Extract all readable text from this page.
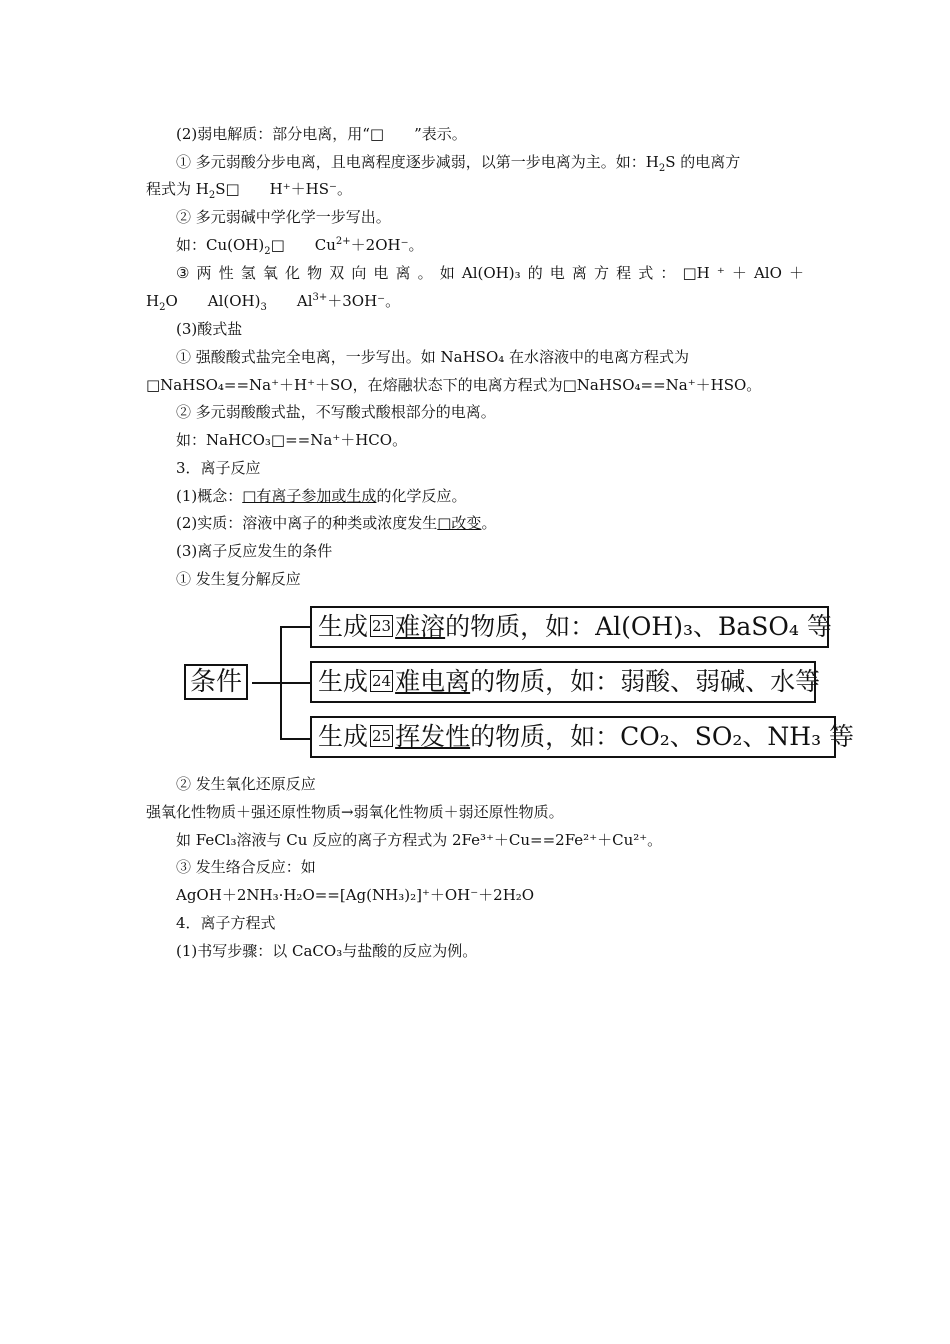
(2)弱电解质：部分电离，用“□　　”表示。
① 多元弱酸分步电离，且电离程度逐步减弱，以第一步电离为主。如：$H_2S$ 的电离方
程式为 $H_2S□$　　H⁺＋HS⁻。
② 多元弱碱中学化学一步写出。
如：$Cu(OH)_2□$　　$Cu^{2+}+2OH^-$。
③ 两 性 氢 氧 化 物 双 向 电 离 。 如 Al(OH)₃ 的 电 离 方 程 式 ： □H ⁺ ＋ AlO ＋
$H_2O$　　$Al(OH)_3$　　$Al^{3+}+3OH^-$。
(3)酸式盐
① 强酸酸式盐完全电离，一步写出。如 NaHSO₄ 在水溶液中的电离方程式为
□NaHSO₄==Na⁺＋H⁺＋SO，在熔融状态下的电离方程式为□NaHSO₄==Na⁺＋HSO。
② 多元弱酸酸式盐，不写酸式酸根部分的电离。
如：NaHCO₃□==Na⁺＋HCO。
3．离子反应
(1)概念：□有离子参加或生成的化学反应。
(2)实质：溶液中离子的种类或浓度发生□改变。
(3)离子反应发生的条件
① 发生复分解反应
条件
生成 23 难溶的物质，如：Al(OH)₃、BaSO₄ 等
生成 24 难电离的物质，如：弱酸、弱碱、水等
生成 25 挥发性的物质，如：CO₂、SO₂、NH₃ 等
② 发生氧化还原反应
强氧化性物质＋强还原性物质→弱氧化性物质＋弱还原性物质。
如 FeCl₃溶液与 Cu 反应的离子方程式为 2Fe³⁺＋Cu==2Fe²⁺＋Cu²⁺。
③ 发生络合反应：如
AgOH＋2NH₃·H₂O==[Ag(NH₃)₂]⁺＋OH⁻＋2H₂O
4．离子方程式
(1)书写步骤：以 CaCO₃与盐酸的反应为例。
